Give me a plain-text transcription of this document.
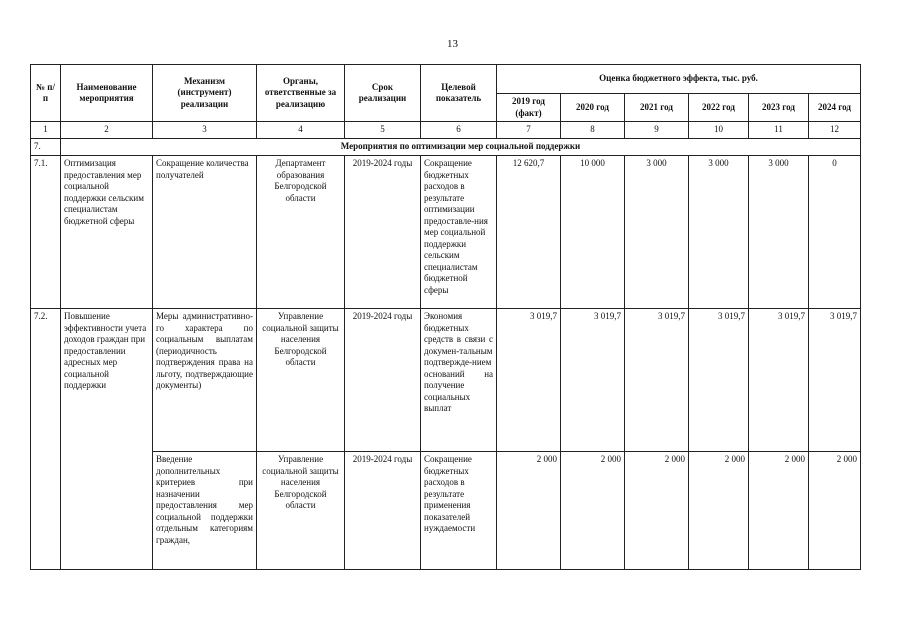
13
№ п/п	Наименование мероприятия	Механизм (инструмент) реализации	Органы, ответственные за реализацию	Срок реализации	Целевой показатель	Оценка бюджетного эффекта, тыс. руб.					
						2019 год (факт)	2020 год	2021 год	2022 год	2023 год	2024 год
1	2	3	4	5	6	7	8	9	10	11	12
7.	Мероприятия по оптимизации мер социальной поддержки										
7.1.	Оптимизация предоставления мер социальной поддержки сельским специалистам бюджетной сферы	Сокращение количества получателей	Департамент образования Белгородской области	2019-2024 годы	Сокращение бюджетных расходов в результате оптимизации предоставле-ния мер социальной поддержки сельским специалистам бюджетной сферы	12 620,7	10 000	3 000	3 000	3 000	0
7.2.	Повышение эффективности учета доходов граждан при предоставлении адресных мер социальной поддержки	Меры административно-го характера по социальным выплатам (периодичность подтверждения права на льготу, подтверждающие документы)	Управление социальной защиты населения Белгородской области	2019-2024 годы	Экономия бюджетных средств в связи с докумен-тальным подтвержде-нием оснований на получение социальных выплат	3 019,7	3 019,7	3 019,7	3 019,7	3 019,7	3 019,7
		Введение дополнительных критериев при назначении предоставления мер социальной поддержки отдельным категориям граждан,	Управление социальной защиты населения Белгородской области	2019-2024 годы	Сокращение бюджетных расходов в результате применения показателей нуждаемости	2 000	2 000	2 000	2 000	2 000	2 000
